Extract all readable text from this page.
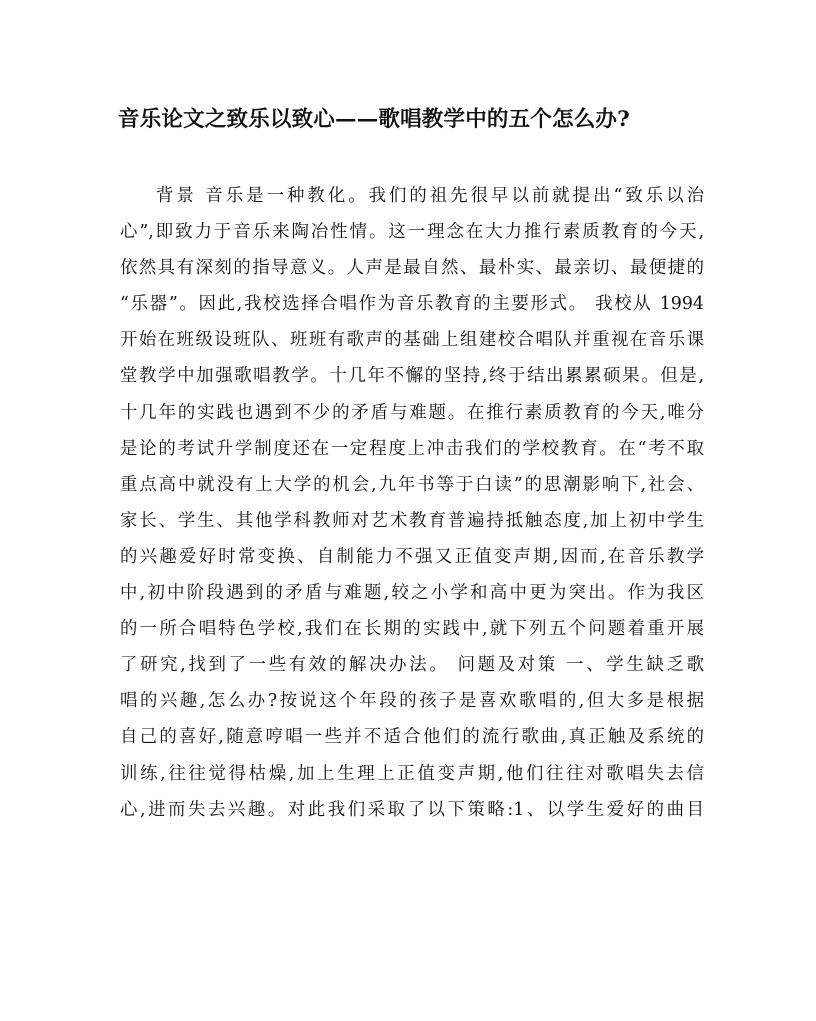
音乐论文之致乐以致心——歌唱教学中的五个怎么办?
背景 音乐是一种教化。我们的祖先很早以前就提出“致乐以治
心”,即致力于音乐来陶冶性情。这一理念在大力推行素质教育的今天,
依然具有深刻的指导意义。人声是最自然、最朴实、最亲切、最便捷的
“乐器”。因此,我校选择合唱作为音乐教育的主要形式。 我校从 1994
开始在班级设班队、班班有歌声的基础上组建校合唱队并重视在音乐课
堂教学中加强歌唱教学。十几年不懈的坚持,终于结出累累硕果。但是,
十几年的实践也遇到不少的矛盾与难题。在推行素质教育的今天,唯分
是论的考试升学制度还在一定程度上冲击我们的学校教育。在“考不取
重点高中就没有上大学的机会,九年书等于白读”的思潮影响下,社会、
家长、学生、其他学科教师对艺术教育普遍持抵触态度,加上初中学生
的兴趣爱好时常变换、自制能力不强又正值变声期,因而,在音乐教学
中,初中阶段遇到的矛盾与难题,较之小学和高中更为突出。作为我区
的一所合唱特色学校,我们在长期的实践中,就下列五个问题着重开展
了研究,找到了一些有效的解决办法。 问题及对策 一、学生缺乏歌
唱的兴趣,怎么办?按说这个年段的孩子是喜欢歌唱的,但大多是根据
自己的喜好,随意哼唱一些并不适合他们的流行歌曲,真正触及系统的
训练,往往觉得枯燥,加上生理上正值变声期,他们往往对歌唱失去信
心,进而失去兴趣。对此我们采取了以下策略:1、以学生爱好的曲目
